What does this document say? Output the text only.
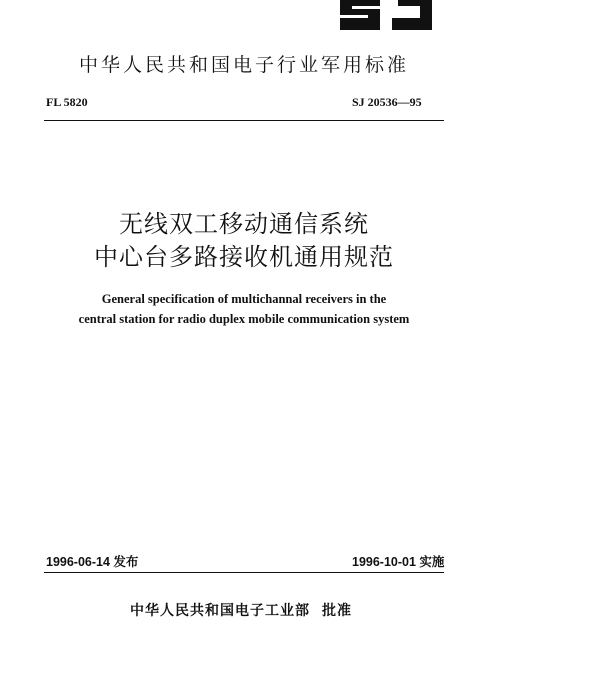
中华人民共和国电子行业军用标准
FL 5820	SJ 20536—95
无线双工移动通信系统
中心台多路接收机通用规范
General specification of multichannal receivers in the
central station for radio duplex mobile communication system
1996-06-14 发布	1996-10-01 实施
中华人民共和国电子工业部 批准
